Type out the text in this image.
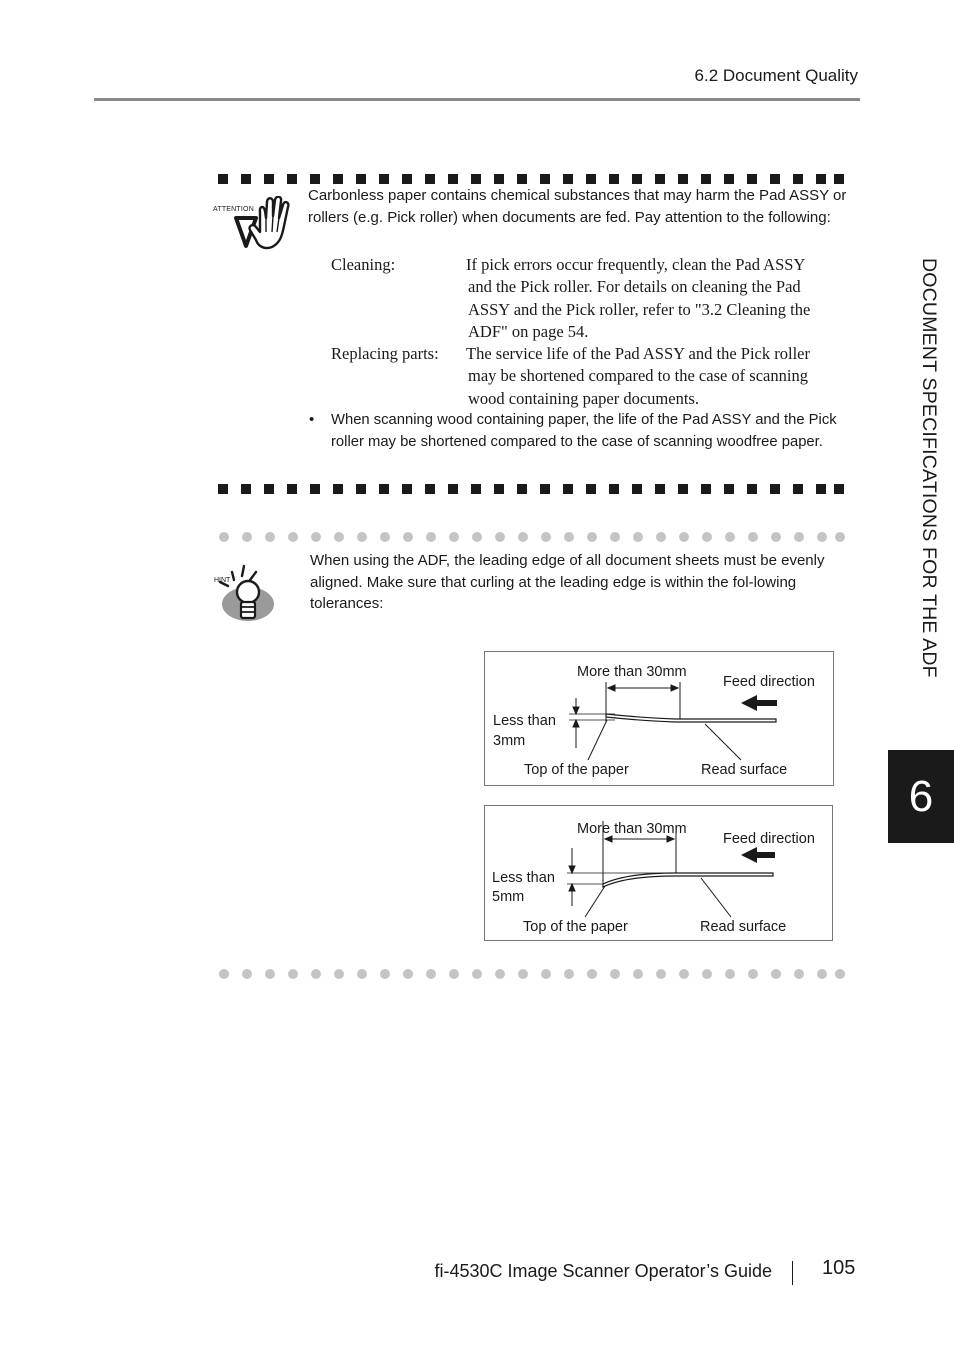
6.2 Document Quality
DOCUMENT SPECIFICATIONS FOR THE ADF
6
ATTENTION
Carbonless paper contains chemical substances that may harm the Pad ASSY or rollers (e.g. Pick roller) when documents are fed. Pay attention to the following:
Cleaning:	If pick errors occur frequently, clean the Pad ASSY
and the Pick roller. For details on cleaning the Pad
ASSY and the Pick roller, refer to "3.2 Cleaning the
ADF" on page 54.
Replacing parts: The service life of the Pad ASSY and the Pick roller
may be shortened compared to the case of scanning
wood containing paper documents.
• When scanning wood containing paper, the life of the Pad ASSY and the Pick roller may be shortened compared to the case of scanning woodfree paper.
HINT
When using the ADF, the leading edge of all document sheets must be evenly aligned. Make sure that curling at the leading edge is within the fol-lowing tolerances:
More than 30mm
Feed direction
Less than
3mm
Top of the paper	Read surface
More than 30mm
Feed direction
Less than
5mm
Top of the paper	Read surface
fi-4530C Image Scanner Operator’s Guide	105
